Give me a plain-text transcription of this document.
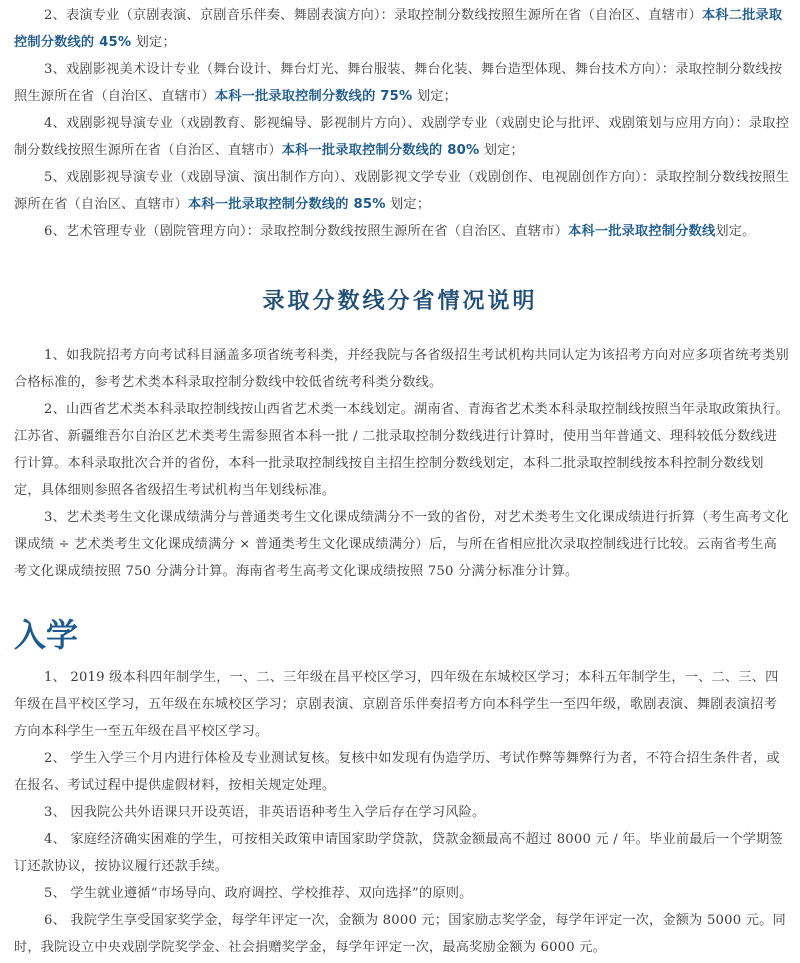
2、表演专业（京剧表演、京剧音乐伴奏、舞剧表演方向）：录取控制分数线按照生源所在省（自治区、直辖市）本科二批录取控制分数线的 45% 划定；

3、戏剧影视美术设计专业（舞台设计、舞台灯光、舞台服装、舞台化装、舞台造型体现、舞台技术方向）：录取控制分数线按照生源所在省（自治区、直辖市）本科一批录取控制分数线的 75% 划定；

4、戏剧影视导演专业（戏剧教育、影视编导、影视制片方向）、戏剧学专业（戏剧史论与批评、戏剧策划与应用方向）：录取控制分数线按照生源所在省（自治区、直辖市）本科一批录取控制分数线的 80% 划定；

5、戏剧影视导演专业（戏剧导演、演出制作方向）、戏剧影视文学专业（戏剧创作、电视剧创作方向）：录取控制分数线按照生源所在省（自治区、直辖市）本科一批录取控制分数线的 85% 划定；

6、艺术管理专业（剧院管理方向）：录取控制分数线按照生源所在省（自治区、直辖市）本科一批录取控制分数线划定。

录取分数线分省情况说明

1、如我院招考方向考试科目涵盖多项省统考科类，并经我院与各省级招生考试机构共同认定为该招考方向对应多项省统考类别合格标准的，参考艺术类本科录取控制分数线中较低省统考科类分数线。

2、山西省艺术类本科录取控制线按山西省艺术类一本线划定。湖南省、青海省艺术类本科录取控制线按照当年录取政策执行。江苏省、新疆维吾尔自治区艺术类考生需参照省本科一批 / 二批录取控制分数线进行计算时，使用当年普通文、理科较低分数线进行计算。本科录取批次合并的省份，本科一批录取控制线按自主招生控制分数线划定，本科二批录取控制线按本科控制分数线划定，具体细则参照各省级招生考试机构当年划线标准。

3、艺术类考生文化课成绩满分与普通类考生文化课成绩满分不一致的省份，对艺术类考生文化课成绩进行折算（考生高考文化课成绩 ÷ 艺术类考生文化课成绩满分 × 普通类考生文化课成绩满分）后，与所在省相应批次录取控制线进行比较。云南省考生高考文化课成绩按照 750 分满分计算。海南省考生高考文化课成绩按照 750 分满分标准分计算。

入学

1、 2019 级本科四年制学生，一、二、三年级在昌平校区学习，四年级在东城校区学习；本科五年制学生，一、二、三、四年级在昌平校区学习，五年级在东城校区学习；京剧表演、京剧音乐伴奏招考方向本科学生一至四年级，歌剧表演、舞剧表演招考方向本科学生一至五年级在昌平校区学习。

2、 学生入学三个月内进行体检及专业测试复核。复核中如发现有伪造学历、考试作弊等舞弊行为者，不符合招生条件者，或在报名、考试过程中提供虚假材料，按相关规定处理。

3、 因我院公共外语课只开设英语，非英语语种考生入学后存在学习风险。

4、 家庭经济确实困难的学生，可按相关政策申请国家助学贷款，贷款金额最高不超过 8000 元 / 年。毕业前最后一个学期签订还款协议，按协议履行还款手续。

5、 学生就业遵循“市场导向、政府调控、学校推荐、双向选择”的原则。

6、 我院学生享受国家奖学金，每学年评定一次，金额为 8000 元；国家励志奖学金，每学年评定一次，金额为 5000 元。同时，我院设立中央戏剧学院奖学金、社会捐赠奖学金，每学年评定一次，最高奖励金额为 6000 元。
